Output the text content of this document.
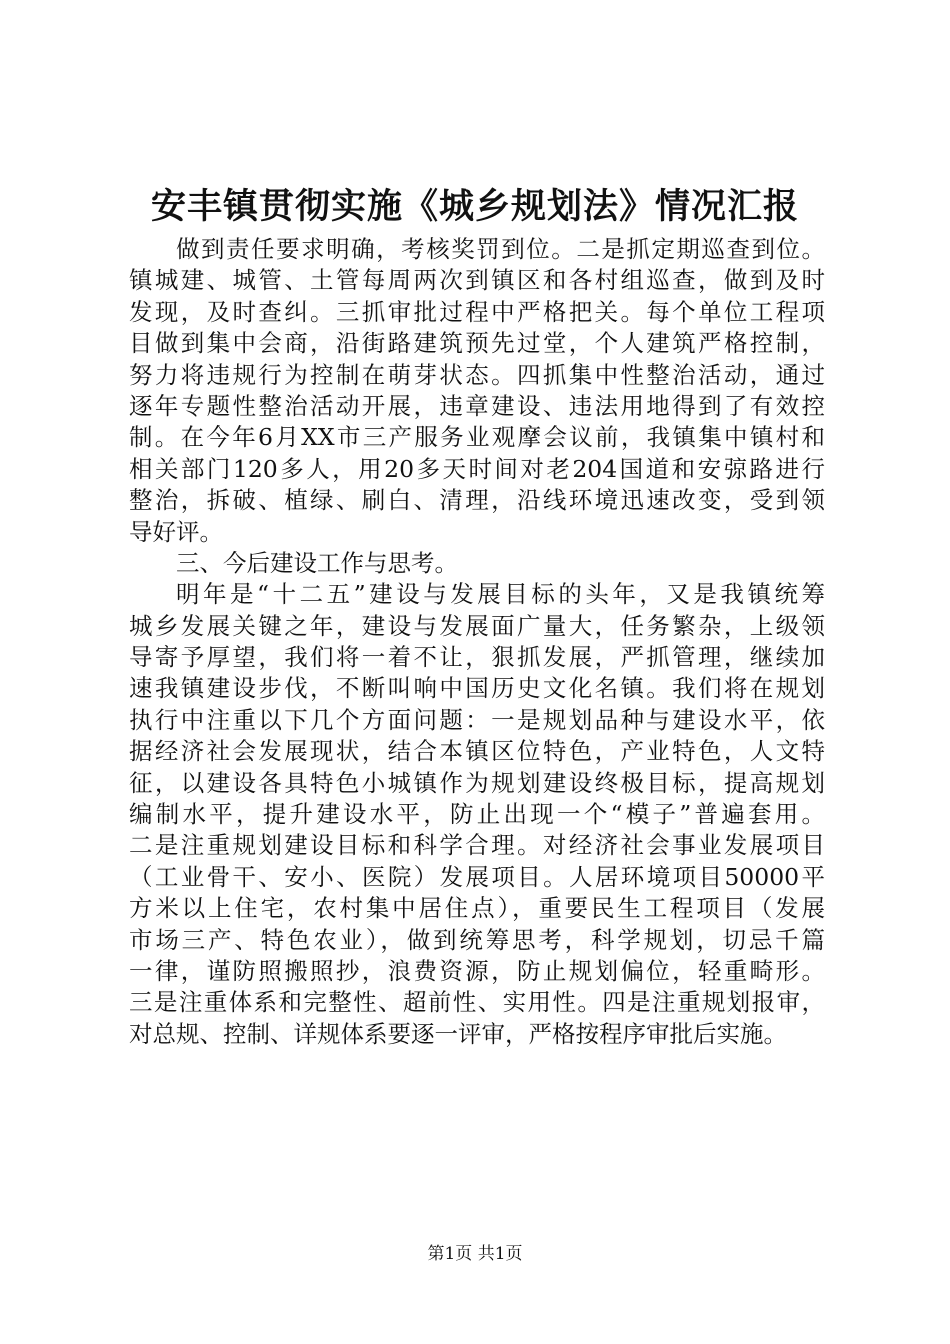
安丰镇贯彻实施《城乡规划法》情况汇报
做到责任要求明确，考核奖罚到位。二是抓定期巡查到位。
镇城建、城管、土管每周两次到镇区和各村组巡查，做到及时
发现，及时查纠。三抓审批过程中严格把关。每个单位工程项
目做到集中会商，沿街路建筑预先过堂，个人建筑严格控制，
努力将违规行为控制在萌芽状态。四抓集中性整治活动，通过
逐年专题性整治活动开展，违章建设、违法用地得到了有效控
制。在今年6月XX市三产服务业观摩会议前，我镇集中镇村和
相关部门120多人，用20多天时间对老204国道和安弶路进行
整治，拆破、植绿、刷白、清理，沿线环境迅速改变，受到领
导好评。
三、今后建设工作与思考。
明年是“十二五”建设与发展目标的头年，又是我镇统筹
城乡发展关键之年，建设与发展面广量大，任务繁杂，上级领
导寄予厚望，我们将一着不让，狠抓发展，严抓管理，继续加
速我镇建设步伐，不断叫响中国历史文化名镇。我们将在规划
执行中注重以下几个方面问题：一是规划品种与建设水平，依
据经济社会发展现状，结合本镇区位特色，产业特色，人文特
征，以建设各具特色小城镇作为规划建设终极目标，提高规划
编制水平，提升建设水平，防止出现一个“模子”普遍套用。
二是注重规划建设目标和科学合理。对经济社会事业发展项目
（工业骨干、安小、医院）发展项目。人居环境项目50000平
方米以上住宅，农村集中居住点），重要民生工程项目（发展
市场三产、特色农业），做到统筹思考，科学规划，切忌千篇
一律，谨防照搬照抄，浪费资源，防止规划偏位，轻重畸形。
三是注重体系和完整性、超前性、实用性。四是注重规划报审，
对总规、控制、详规体系要逐一评审，严格按程序审批后实施。
第1页 共1页
